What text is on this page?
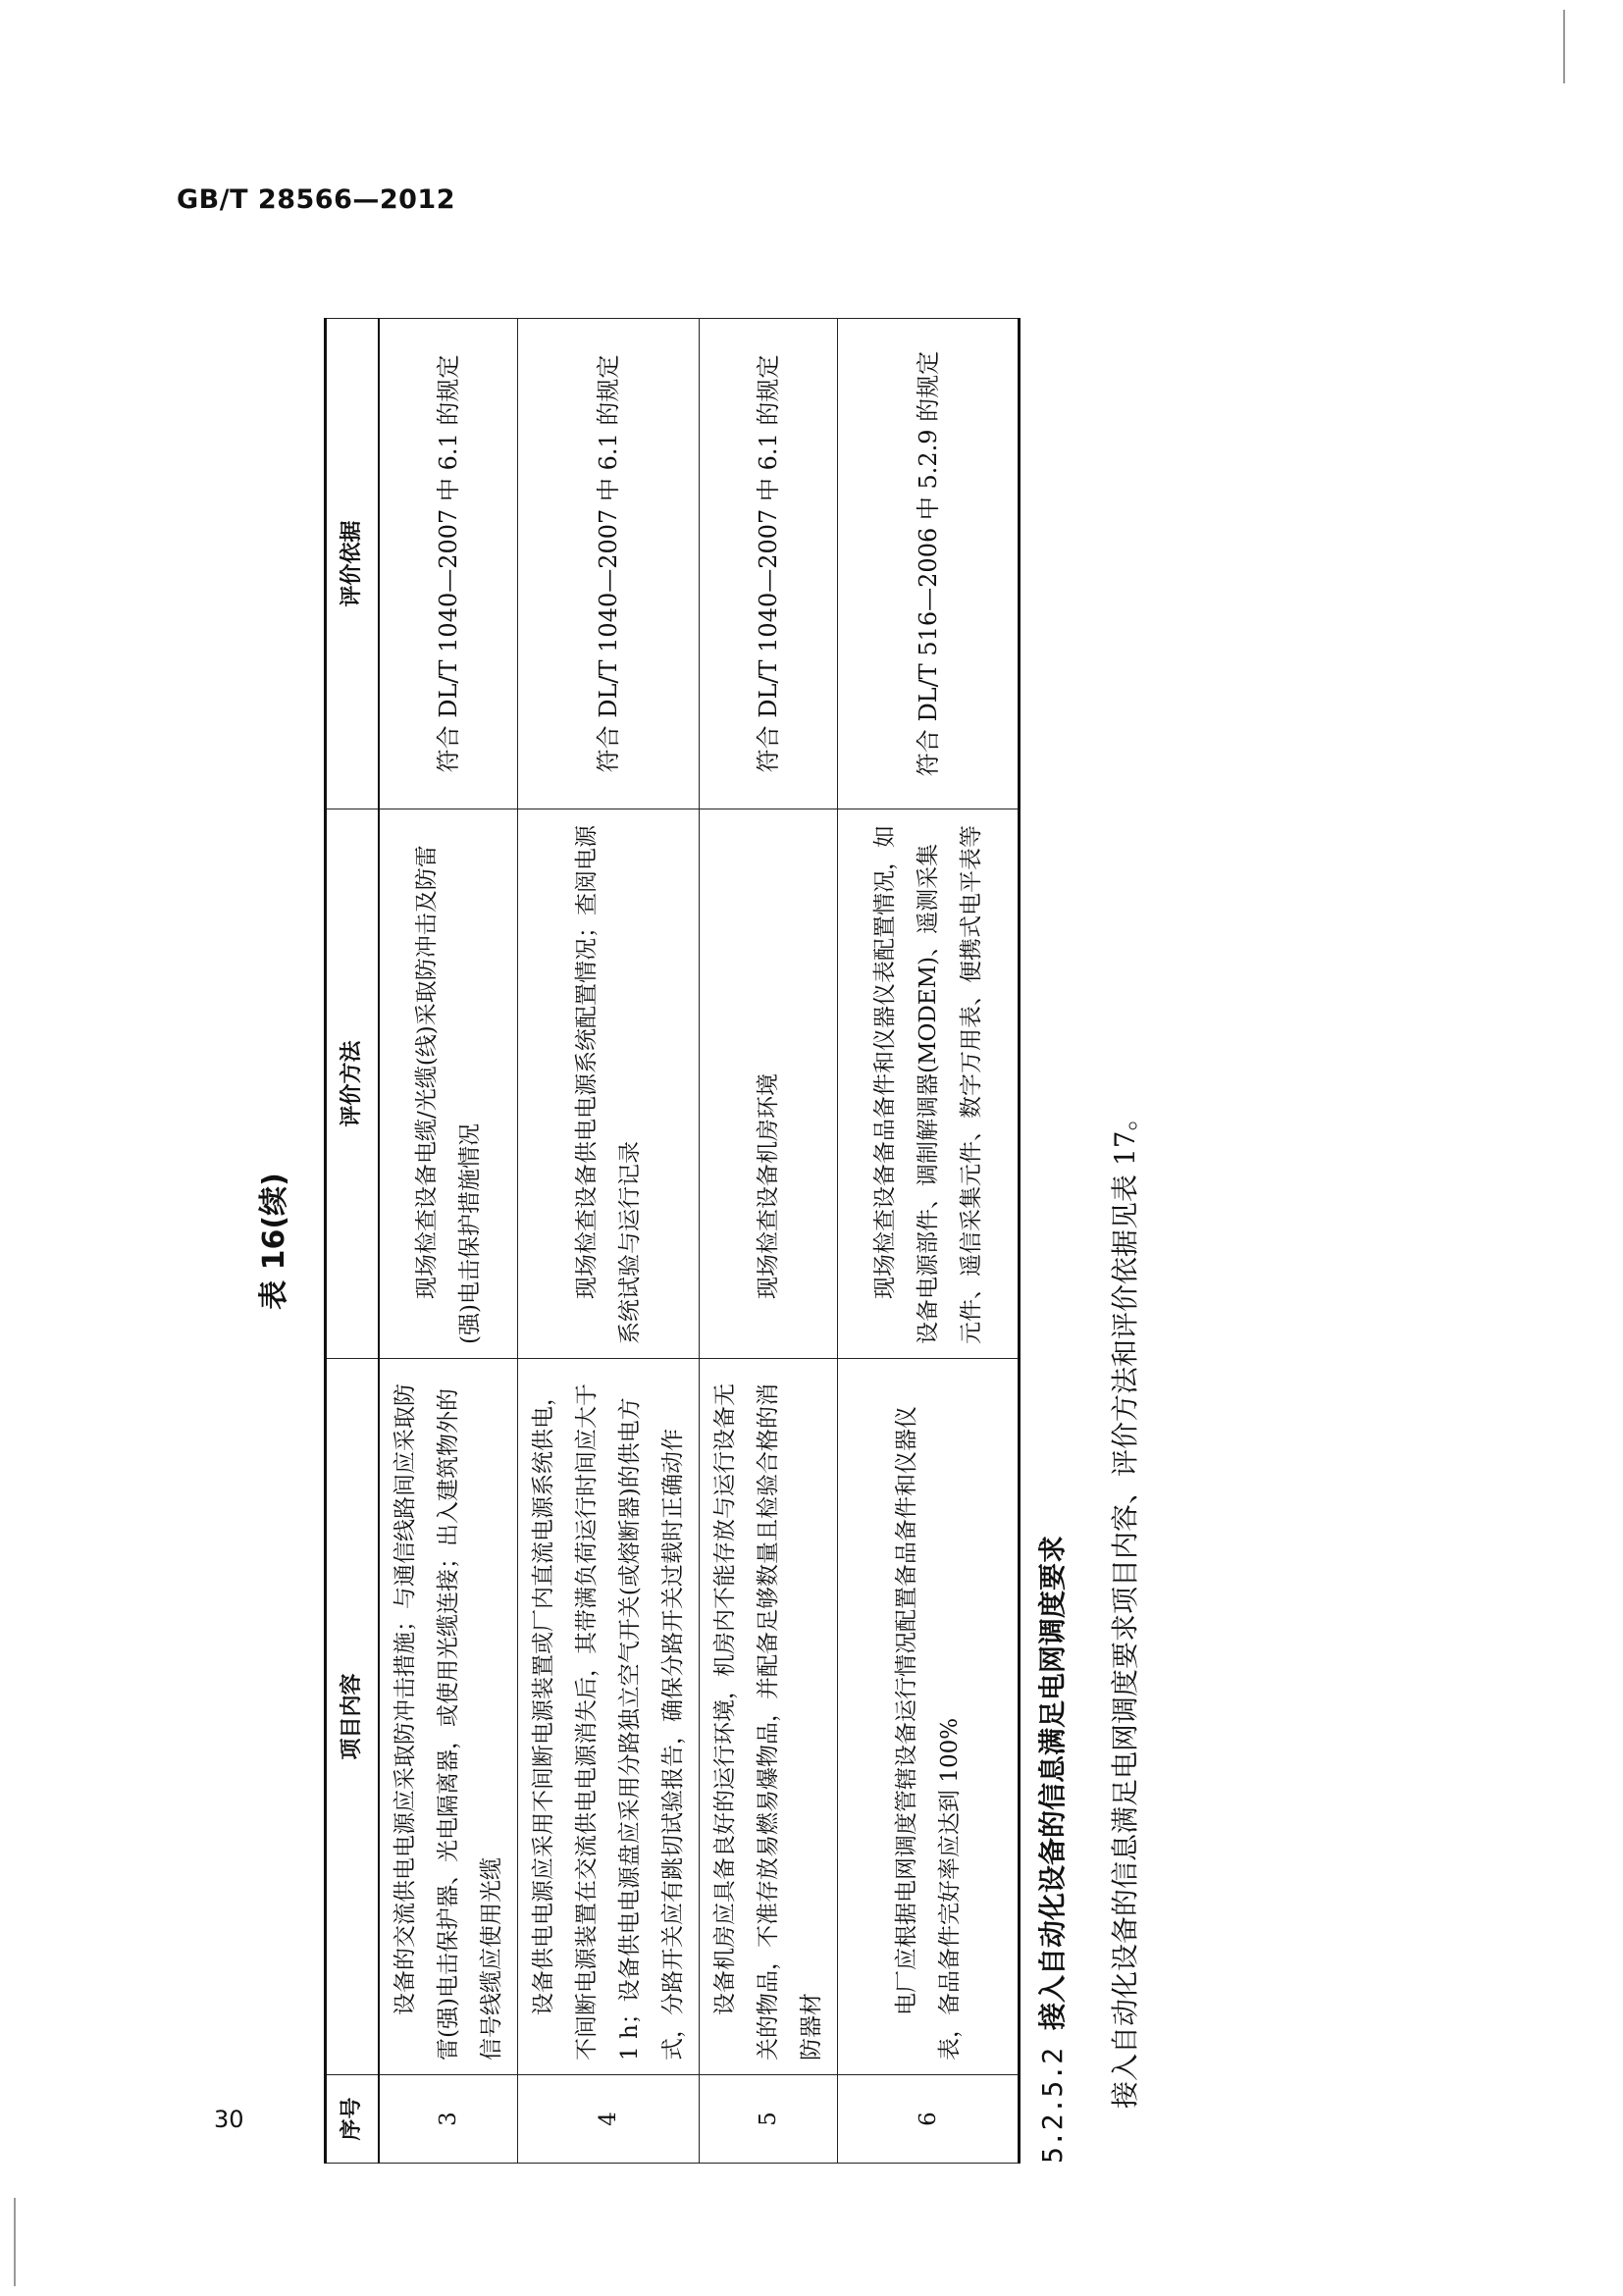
GB/T 28566—2012
表 16(续)
序号	项目内容	评价方法	评价依据
3	设备的交流供电电源应采取防冲击措施；与通信线路间应采取防雷(强)电击保护器、光电隔离器，或使用光缆连接；出入建筑物外的信号线缆应使用光缆	现场检查设备电缆/光缆(线)采取防冲击及防雷(强)电击保护措施情况	符合 DL/T 1040—2007 中 6.1 的规定
4	设备供电电源应采用不间断电源装置或厂内直流电源系统供电，不间断电源装置在交流供电电源消失后，其带满负荷运行时间应大于 1 h；设备供电电源盘应采用分路独立空气开关(或熔断器)的供电方式，分路开关应有跳切试验报告，确保分路开关过载时正确动作	现场检查设备供电电源系统配置情况；查阅电源系统试验与运行记录	符合 DL/T 1040—2007 中 6.1 的规定
5	设备机房应具备良好的运行环境，机房内不能存放与运行设备无关的物品，不准存放易燃易爆物品，并配备足够数量且检验合格的消防器材	现场检查设备机房环境	符合 DL/T 1040—2007 中 6.1 的规定
6	电厂应根据电网调度管辖设备运行情况配置备品备件和仪器仪表，备品备件完好率应达到 100%	现场检查设备备品备件和仪器仪表配置情况，如设备电源部件、调制解调器(MODEM)、遥测采集元件、遥信采集元件、数字万用表、便携式电平表等	符合 DL/T 516—2006 中 5.2.9 的规定
5.2.5.2接入自动化设备的信息满足电网调度要求 接入自动化设备的信息满足电网调度要求项目内容、评价方法和评价依据见表 17。
30
